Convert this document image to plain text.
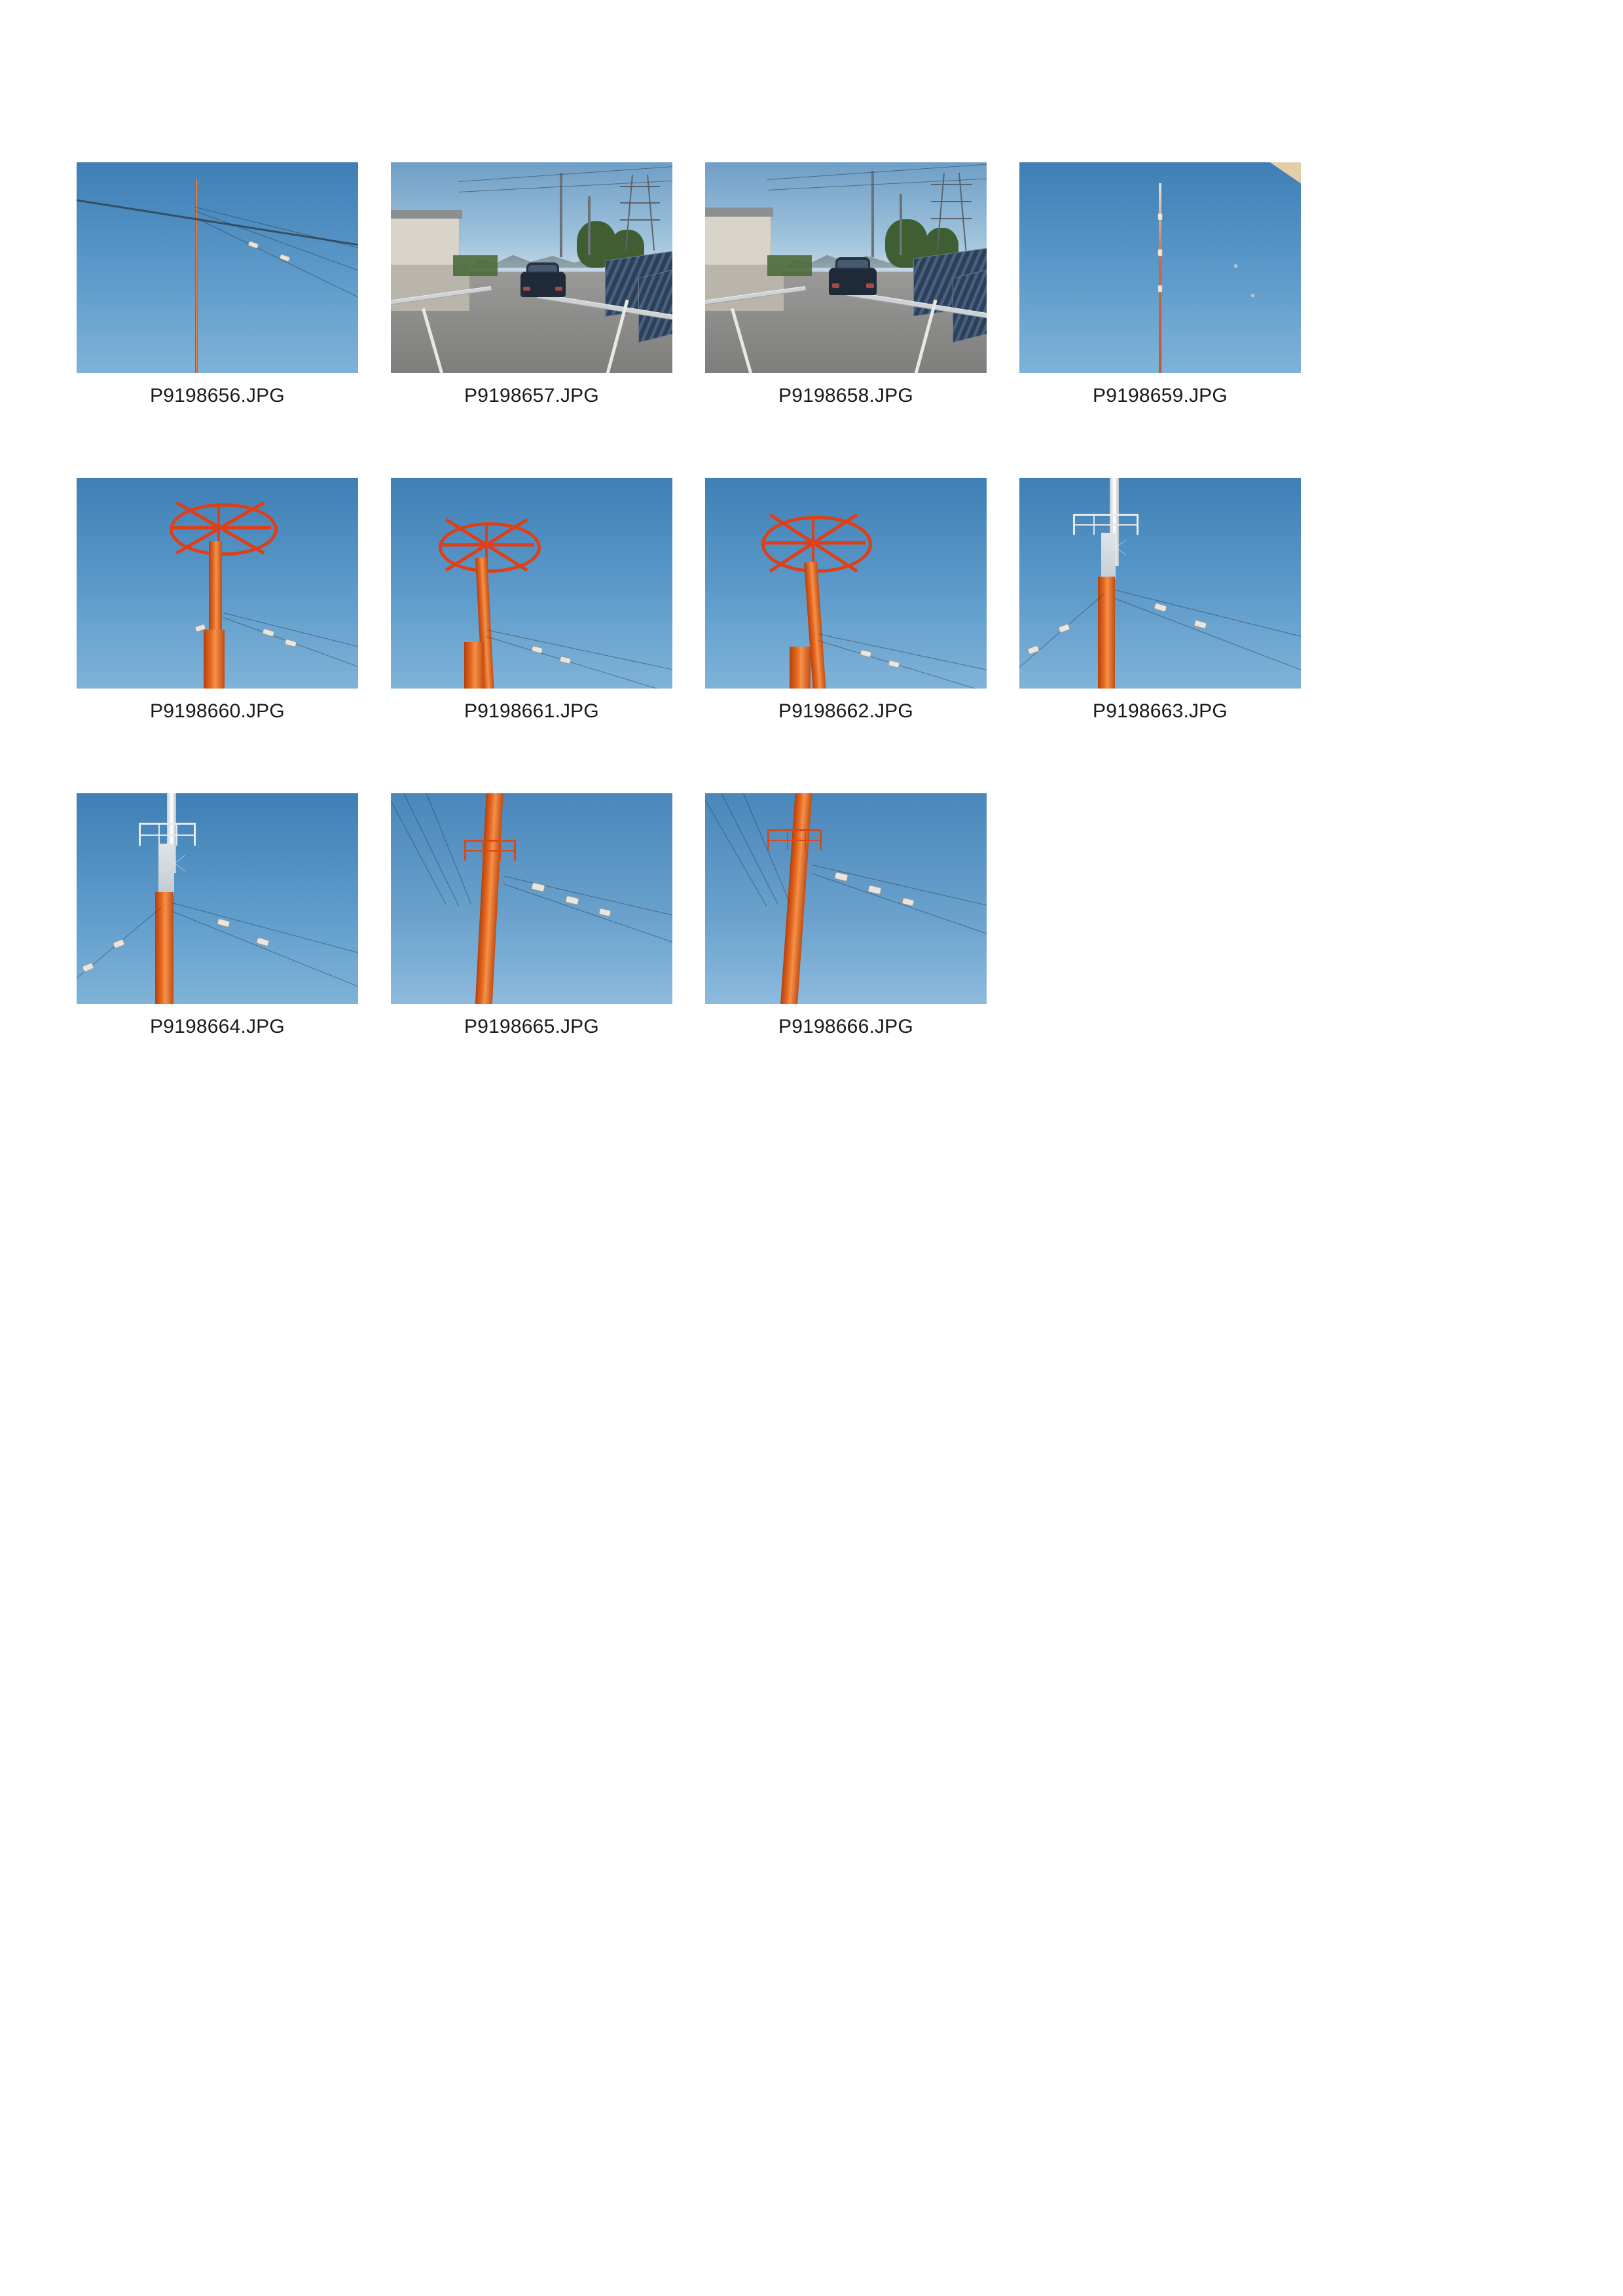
P9198656.JPG	P9198657.JPG	P9198658.JPG	P9198659.JPG
P9198660.JPG	P9198661.JPG	P9198662.JPG	P9198663.JPG
P9198664.JPG	P9198665.JPG	P9198666.JPG
